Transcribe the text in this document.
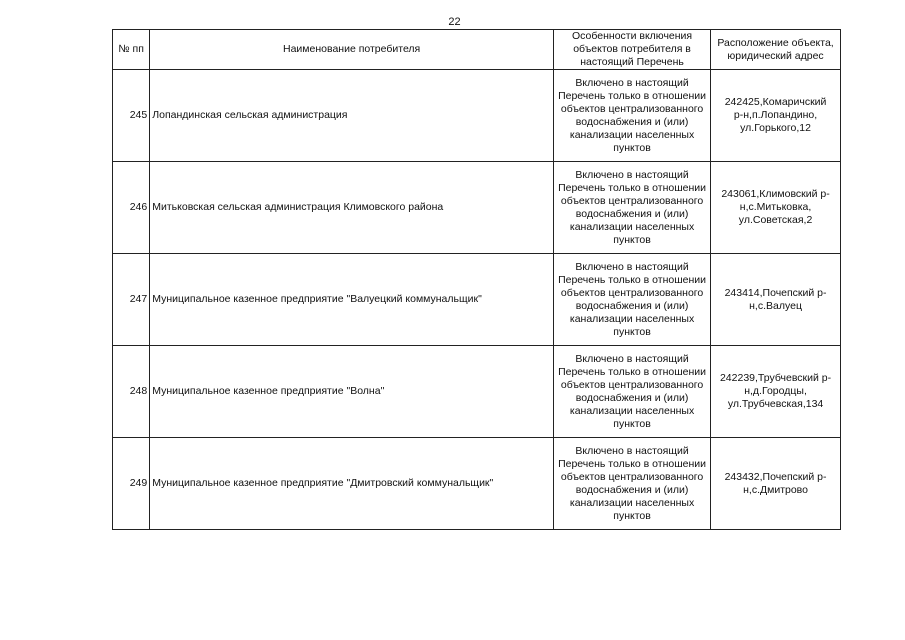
22
№ пп	Наименование потребителя	Особенности включения объектов потребителя в настоящий Перечень	Расположение объекта, юридический адрес
245	Лопандинская сельская администрация	Включено в настоящий Перечень только в отношении объектов централизованного водоснабжения и (или) канализации населенных пунктов	242425,Комаричский
р-н,п.Лопандино,
ул.Горького,12

246	Митьковская сельская администрация Климовского района	Включено в настоящий Перечень только в отношении объектов централизованного водоснабжения и (или) канализации населенных пунктов	243061,Климовский р-
н,с.Митьковка,
ул.Советская,2

247	Муниципальное казенное предприятие "Валуецкий коммунальщик"	Включено в настоящий Перечень только в отношении объектов централизованного водоснабжения и (или) канализации населенных пунктов	243414,Почепский р-
н,с.Валуец

248	Муниципальное казенное предприятие "Волна"	Включено в настоящий Перечень только в отношении объектов централизованного водоснабжения и (или) канализации населенных пунктов	242239,Трубчевский р-
н,д.Городцы,
ул.Трубчевская,134

249	Муниципальное казенное предприятие "Дмитровский коммунальщик"	Включено в настоящий Перечень только в отношении объектов централизованного водоснабжения и (или) канализации населенных пунктов	243432,Почепский р-
н,с.Дмитрово
